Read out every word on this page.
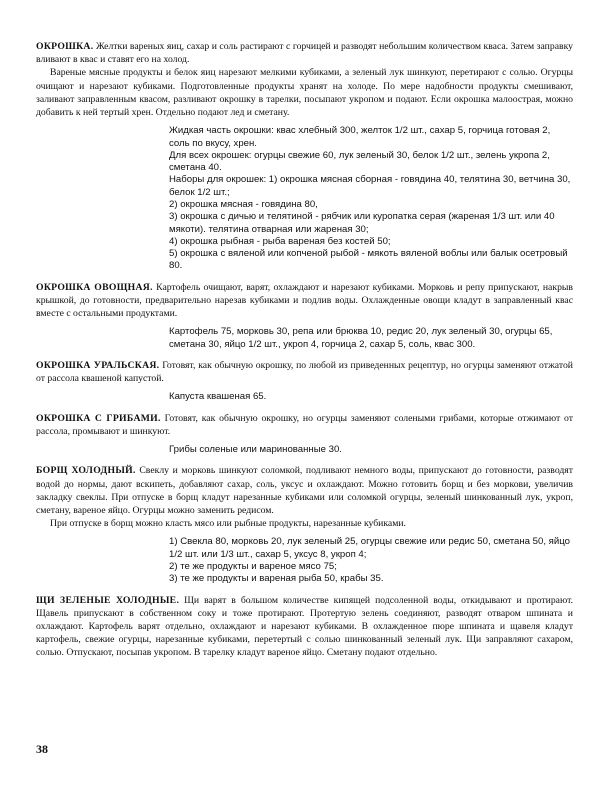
ОКРОШКА. Желтки вареных яиц, сахар и соль растирают с горчицей и разводят небольшим количеством кваса. Затем заправку вливают в квас и ставят его на холод.

Вареные мясные продукты и белок яиц нарезают мелкими кубиками, а зеленый лук шинкуют, перетирают с солью. Огурцы очищают и нарезают кубиками. Подготовленные продукты хранят на холоде. По мере надобности продукты смешивают, заливают заправленным квасом, разливают окрошку в тарелки, посыпают укропом и подают. Если окрошка малоострая, можно добавить к ней тертый хрен. Отдельно подают лед и сметану.

Жидкая часть окрошки: квас хлебный 300, желток 1/2 шт., сахар 5, горчица готовая 2, соль по вкусу, хрен.
Для всех окрошек: огурцы свежие 60, лук зеленый 30, белок 1/2 шт., зелень укропа 2, сметана 40.
Наборы для окрошек: 1) окрошка мясная сборная - говядина 40, телятина 30, ветчина 30, белок 1/2 шт.;
2) окрошка мясная - говядина 80,
3) окрошка с дичью и телятиной - рябчик или куропатка серая (жареная 1/3 шт. или 40 мякоти). телятина отварная или жареная 30;
4) окрошка рыбная - рыба вареная без костей 50;
5) окрошка с вяленой или копченой рыбой - мякоть вяленой воблы или балык осетровый 80.

ОКРОШКА ОВОЩНАЯ. Картофель очищают, варят, охлаждают и нарезают кубиками. Морковь и репу припускают, накрыв крышкой, до готовности, предварительно нарезав кубиками и подлив воды. Охлажденные овощи кладут в заправленный квас вместе с остальными продуктами.

Картофель 75, морковь 30, репа или брюква 10, редис 20, лук зеленый 30, огурцы 65, сметана 30, яйцо 1/2 шт., укроп 4, горчица 2, сахар 5, соль, квас 300.

ОКРОШКА УРАЛЬСКАЯ. Готовят, как обычную окрошку, по любой из приведенных рецептур, но огурцы заменяют отжатой от рассола квашеной капустой.

Капуста квашеная 65.

ОКРОШКА С ГРИБАМИ. Готовят, как обычную окрошку, но огурцы заменяют солеными грибами, которые отжимают от рассола, промывают и шинкуют.

Грибы соленые или маринованные 30.

БОРЩ ХОЛОДНЫЙ. Свеклу и морковь шинкуют соломкой, подливают немного воды, припускают до готовности, разводят водой до нормы, дают вскипеть, добавляют сахар, соль, уксус и охлаждают. Можно готовить борщ и без моркови, увеличив закладку свеклы. При отпуске в борщ кладут нарезанные кубиками или соломкой огурцы, зеленый шинкованный лук, укроп, сметану, вареное яйцо. Огурцы можно заменить редисом.

При отпуске в борщ можно класть мясо или рыбные продукты, нарезанные кубиками.

1) Свекла 80, морковь 20, лук зеленый 25, огурцы свежие или редис 50, сметана 50, яйцо 1/2 шт. или 1/3 шт., сахар 5, уксус 8, укроп 4;
2) те же продукты и вареное мясо 75;
3) те же продукты и вареная рыба 50, крабы 35.

ЩИ ЗЕЛЕНЫЕ ХОЛОДНЫЕ. Щи варят в большом количестве кипящей подсоленной воды, откидывают и протирают. Щавель припускают в собственном соку и тоже протирают. Протертую зелень соединяют, разводят отваром шпината и охлаждают. Картофель варят отдельно, охлаждают и нарезают кубиками. В охлажденное пюре шпината и щавеля кладут картофель, свежие огурцы, нарезанные кубиками, перетертый с солью шинкованный зеленый лук. Щи заправляют сахаром, солью. Отпускают, посыпав укропом. В тарелку кладут вареное яйцо. Сметану подают отдельно.

38
